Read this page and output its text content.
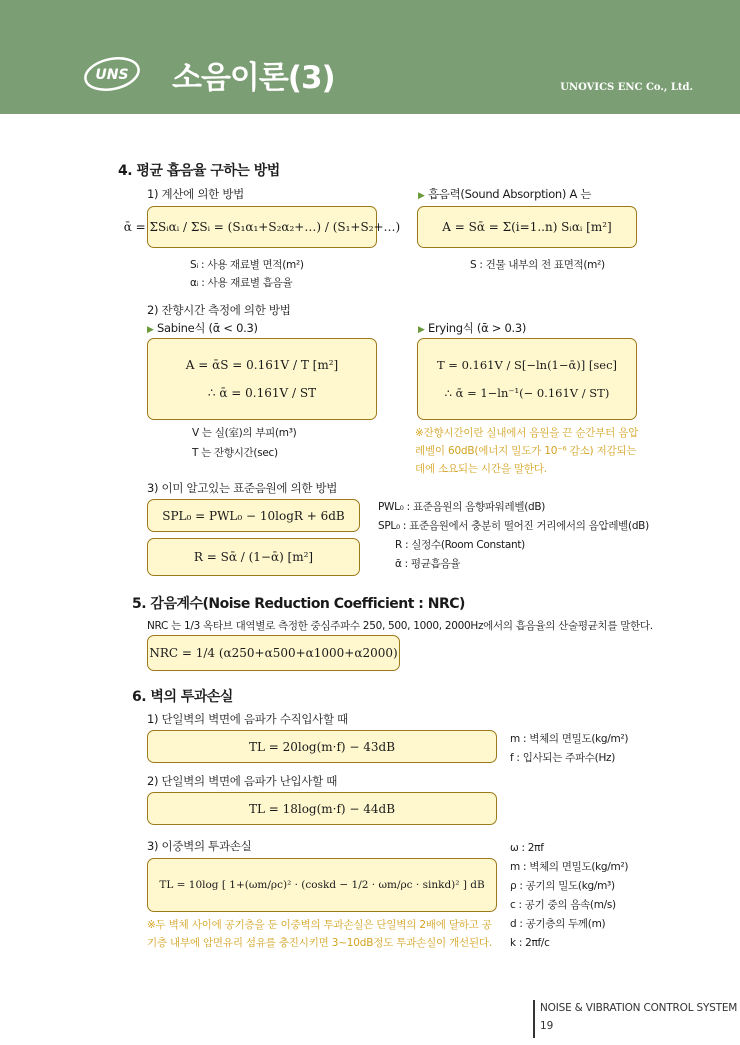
UNS 소음이론(3)	UNOVICS ENC Co., Ltd.
4. 평균 흡음율 구하는 방법
1) 계산에 의한 방법
ᾱ = ΣSᵢαᵢ / ΣSᵢ = (S₁α₁+S₂α₂+…) / (S₁+S₂+…)
Sᵢ : 사용 재료별 면적(m²)
αᵢ : 사용 재료별 흡음율
▶ 흡음력(Sound Absorption) A 는
A = Sᾱ = Σ(i=1..n) Sᵢαᵢ [m²]
S : 건물 내부의 전 표면적(m²)
2) 잔향시간 측정에 의한 방법
▶ Sabine식 (ᾱ < 0.3)
A = ᾱS = 0.161V / T [m²]
∴ ᾱ = 0.161V / ST
▶ Erying식 (ᾱ > 0.3)
T = 0.161V / S[−ln(1−ᾱ)] [sec]
∴ ᾱ = 1−ln⁻¹(− 0.161V / ST)
V 는 실(室)의 부피(m³)
T 는 잔향시간(sec)
※잔향시간이란 실내에서 음원을 끈 순간부터 음압레벨이 60dB(에너지 밀도가 10⁻⁶ 감소) 저감되는 데에 소요되는 시간을 말한다.
3) 이미 알고있는 표준음원에 의한 방법
SPL₀ = PWL₀ − 10logR + 6dB
R = Sᾱ / (1−ᾱ) [m²]
PWL₀ : 표준음원의 음향파워레벨(dB)
SPL₀ : 표준음원에서 충분히 떨어진 거리에서의 음압레벨(dB)
R : 실정수(Room Constant)
ᾱ : 평균흡음율
5. 감음계수(Noise Reduction Coefficient : NRC)
NRC 는 1/3 옥타브 대역별로 측정한 중심주파수 250, 500, 1000, 2000Hz에서의 흡음율의 산술평균치를 말한다.
NRC = 1/4 (α250+α500+α1000+α2000)
6. 벽의 투과손실
1) 단일벽의 벽면에 음파가 수직입사할 때
TL = 20log(m·f) − 43dB
m : 벽체의 면밀도(kg/m²)
f : 입사되는 주파수(Hz)
2) 단일벽의 벽면에 음파가 난입사할 때
TL = 18log(m·f) − 44dB
3) 이중벽의 투과손실
TL = 10log [ 1+(ωm/ρc)² · (coskd − 1/2 · ωm/ρc · sinkd)² ] dB
※두 벽체 사이에 공기층을 둔 이중벽의 투과손실은 단일벽의 2배에 달하고 공기층 내부에 암면유리 섬유를 충진시키면 3~10dB정도 투과손실이 개선된다.
ω : 2πf
m : 벽체의 면밀도(kg/m²)
ρ : 공기의 밀도(kg/m³)
c : 공기 중의 음속(m/s)
d : 공기층의 두께(m)
k : 2πf/c
NOISE & VIBRATION CONTROL SYSTEM
19
